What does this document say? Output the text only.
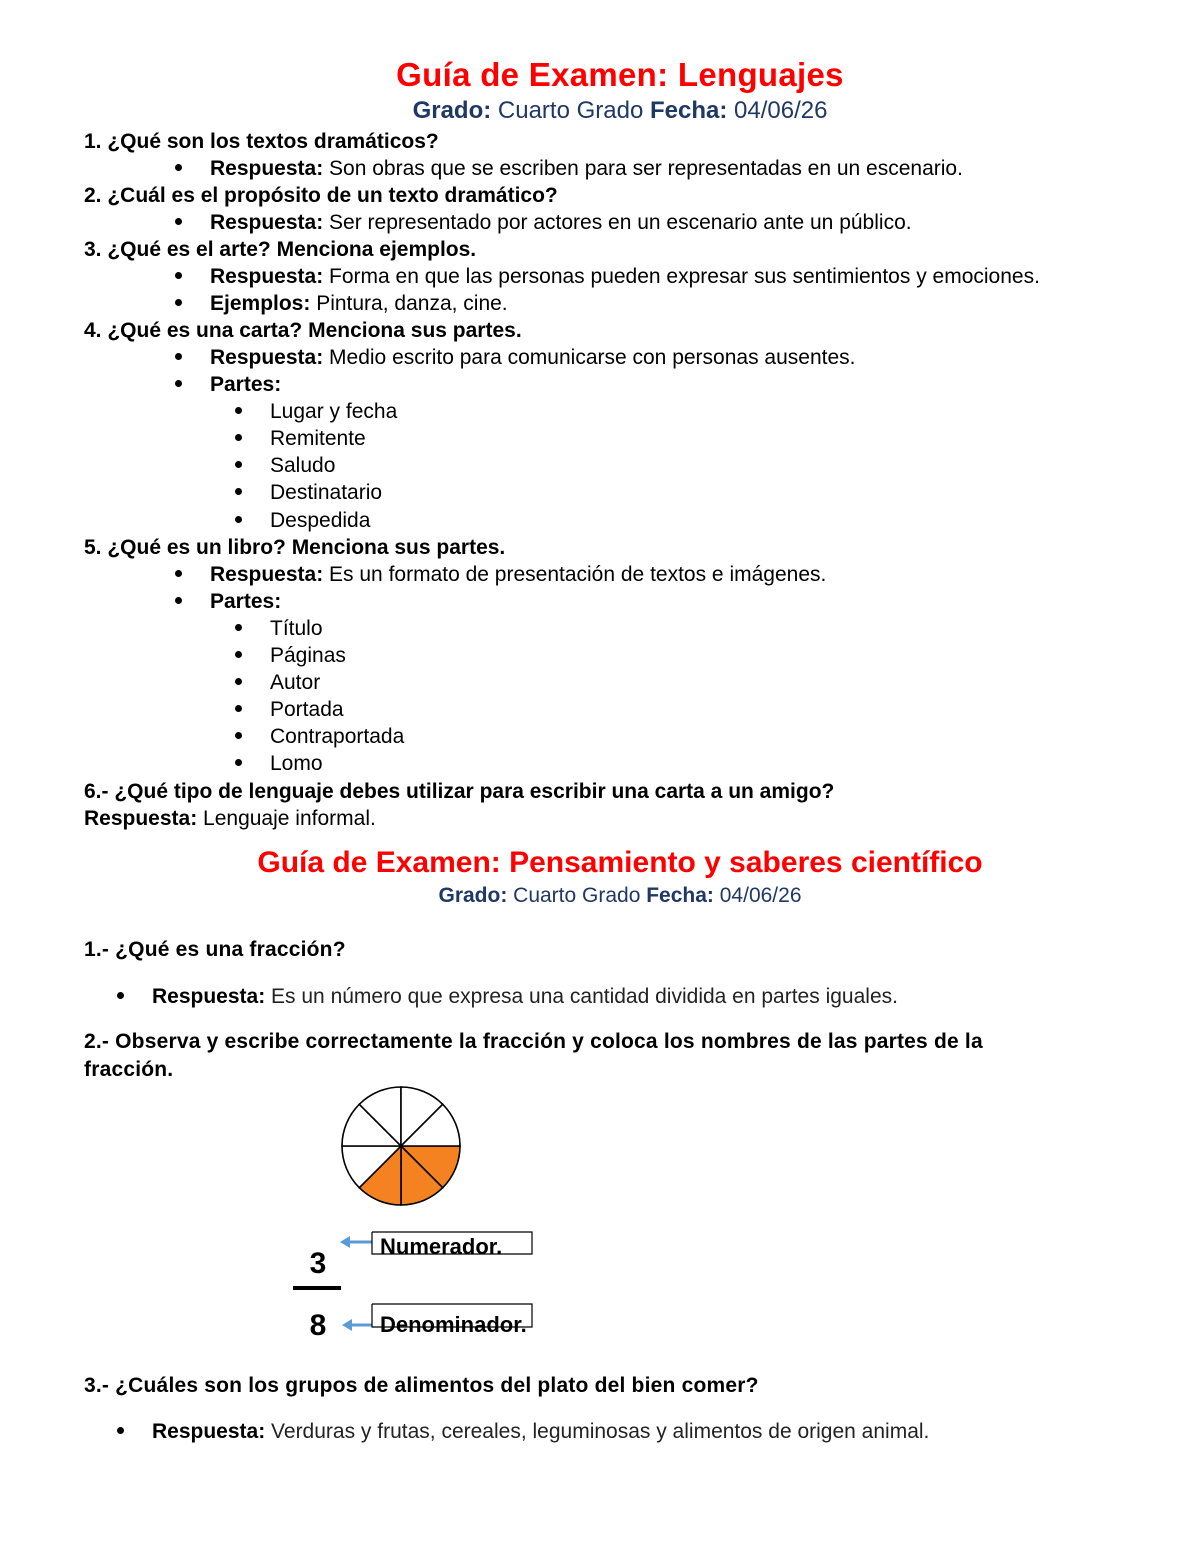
Guía de Examen: Lenguajes
Grado: Cuarto Grado Fecha: 04/06/26
1. ¿Qué son los textos dramáticos?
Respuesta: Son obras que se escriben para ser representadas en un escenario.
2. ¿Cuál es el propósito de un texto dramático?
Respuesta: Ser representado por actores en un escenario ante un público.
3. ¿Qué es el arte? Menciona ejemplos.
Respuesta: Forma en que las personas pueden expresar sus sentimientos y emociones.
Ejemplos: Pintura, danza, cine.
4. ¿Qué es una carta? Menciona sus partes.
Respuesta: Medio escrito para comunicarse con personas ausentes.
Partes:
Lugar y fecha
Remitente
Saludo
Destinatario
Despedida
5. ¿Qué es un libro? Menciona sus partes.
Respuesta: Es un formato de presentación de textos e imágenes.
Partes:
Título
Páginas
Autor
Portada
Contraportada
Lomo
6.- ¿Qué tipo de lenguaje debes utilizar para escribir una carta a un amigo?
Respuesta: Lenguaje informal.
Guía de Examen: Pensamiento y saberes científico
Grado: Cuarto Grado Fecha: 04/06/26
1.- ¿Qué es una fracción?
Respuesta: Es un número que expresa una cantidad dividida en partes iguales.
2.- Observa y escribe correctamente la fracción y coloca los nombres de las partes de la
fracción.
Numerador.
3
8 Denominador.
3.- ¿Cuáles son los grupos de alimentos del plato del bien comer?
Respuesta: Verduras y frutas, cereales, leguminosas y alimentos de origen animal.
